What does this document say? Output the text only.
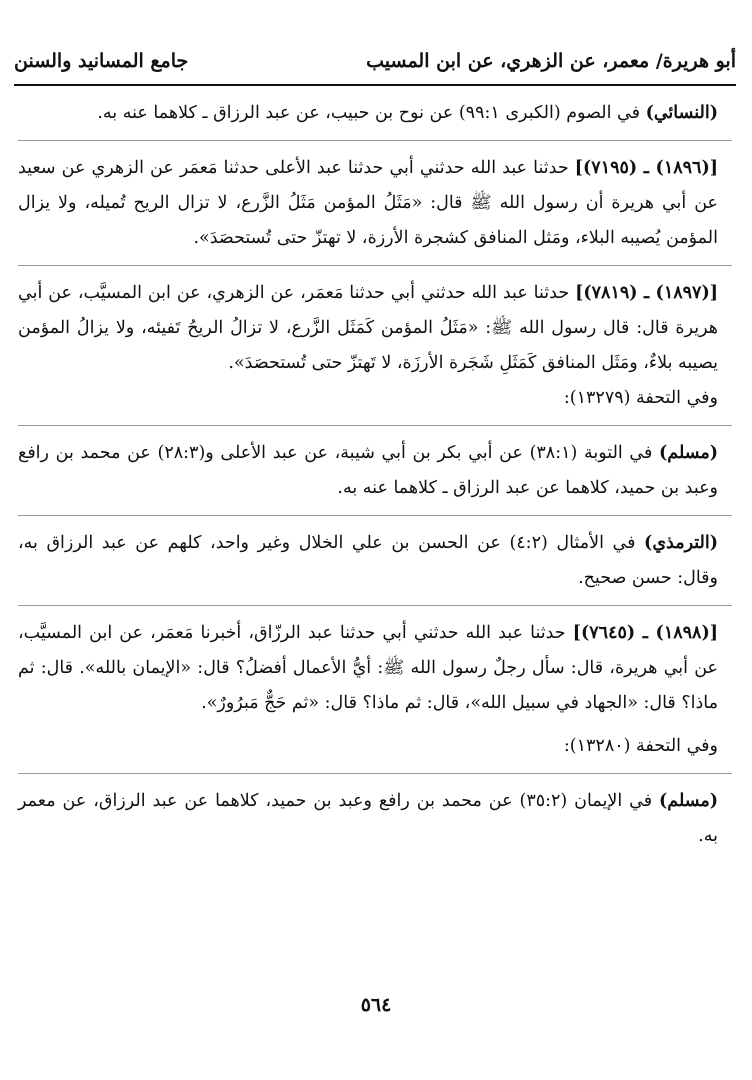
أبو هريرة/ معمر، عن الزهري، عن ابن المسيب
جامع المسانيد والسنن

(النسائي) في الصوم (الكبرى ٩٩:١) عن نوح بن حبيب، عن عبد الرزاق ـ كلاهما عنه به.

[(١٨٩٦) ـ (٧١٩٥)] حدثنا عبد الله حدثني أبي حدثنا عبد الأعلى حدثنا مَعمَر عن الزهري عن سعيد عن أبي هريرة أن رسول الله ﷺ قال: «مَثَلُ المؤمن مَثَلُ الزَّرع، لا تزال الريح تُميله، ولا يزال المؤمن يُصيبه البلاء، ومَثل المنافق كشجرة الأرزة، لا تهتزّ حتى تُستحصَدَ».

[(١٨٩٧) ـ (٧٨١٩)] حدثنا عبد الله حدثني أبي حدثنا مَعمَر، عن الزهري، عن ابن المسيَّب، عن أبي هريرة قال: قال رسول الله ﷺ: «مَثَلُ المؤمن كَمَثَل الزَّرع، لا تزالُ الريحُ تَفيئه، ولا يزالُ المؤمن يصيبه بلاءٌ، ومَثَل المنافق كَمَثَلِ شَجَرة الأرزَة، لا تَهتزّ حتى تُستحصَدَ».

وفي التحفة (١٣٢٧٩):

(مسلم) في التوبة (٣٨:١) عن أبي بكر بن أبي شيبة، عن عبد الأعلى و(٢٨:٣) عن محمد بن رافع وعبد بن حميد، كلاهما عن عبد الرزاق ـ كلاهما عنه به.

(الترمذي) في الأمثال (٤:٢) عن الحسن بن علي الخلال وغير واحد، كلهم عن عبد الرزاق به، وقال: حسن صحيح.

[(١٨٩٨) ـ (٧٦٤٥)] حدثنا عبد الله حدثني أبي حدثنا عبد الرزّاق، أخبرنا مَعمَر، عن ابن المسيَّب، عن أبي هريرة، قال: سأل رجلٌ رسول الله ﷺ: أيُّ الأعمال أفضلُ؟ قال: «الإيمان بالله». قال: ثم ماذا؟ قال: «الجهاد في سبيل الله»، قال: ثم ماذا؟ قال: «ثم حَجٌّ مَبرُورٌ».

وفي التحفة (١٣٢٨٠):

(مسلم) في الإيمان (٣٥:٢) عن محمد بن رافع وعبد بن حميد، كلاهما عن عبد الرزاق، عن معمر به.

٥٦٤
